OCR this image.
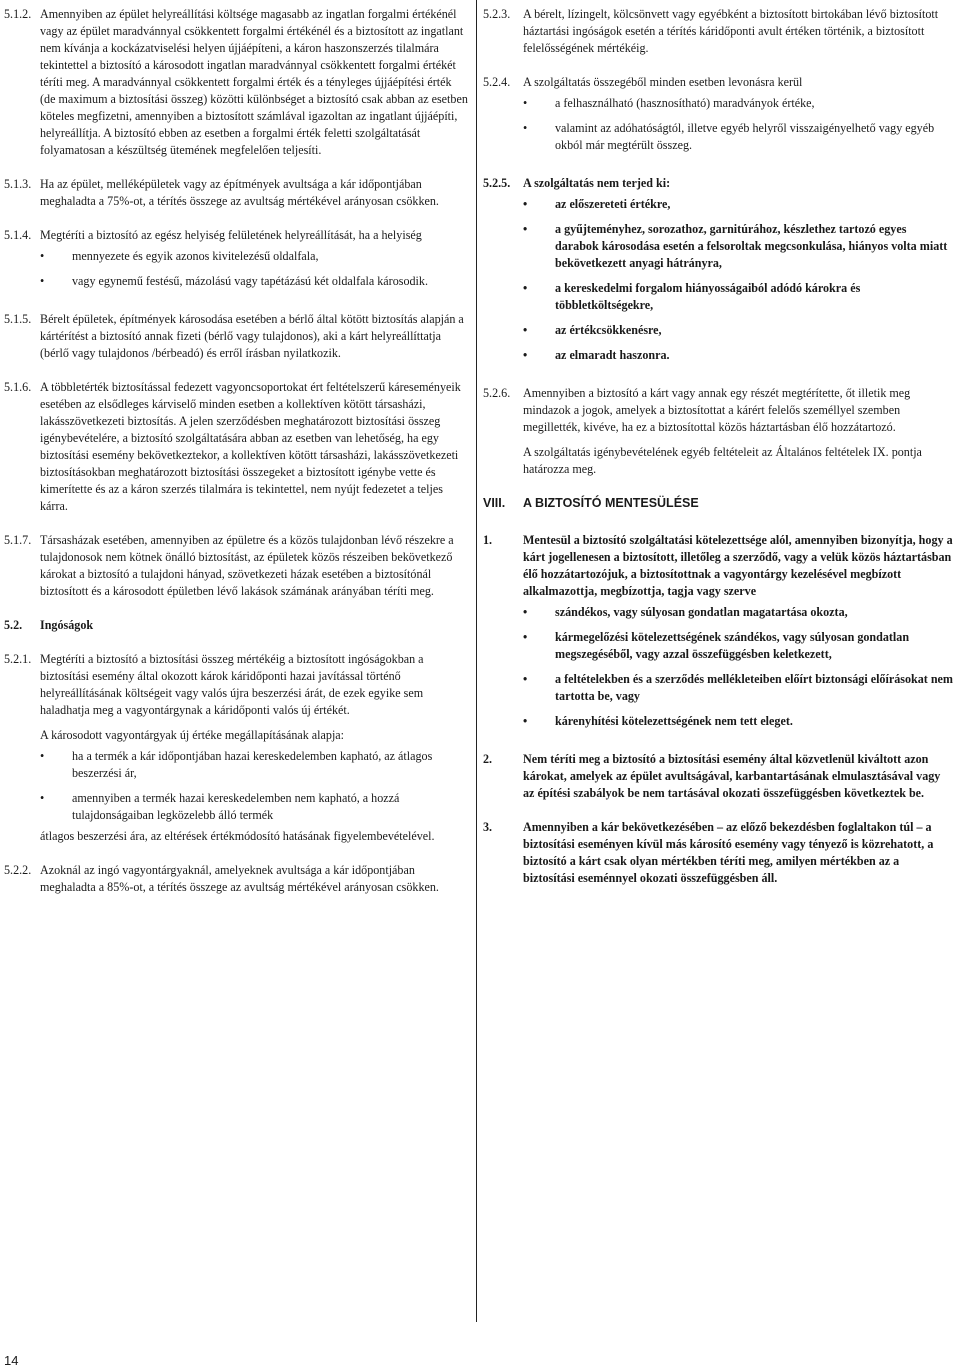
5.1.2. Amennyiben az épület helyreállítási költsége magasabb az ingatlan forgalmi értékénél vagy az épület maradvánnyal csökkentett forgalmi értékénél és a biztosított az ingatlant nem kívánja a kockázatviselési helyen újjáépíteni, a káron haszonszerzés tilalmára tekintettel a biztosító a károsodott ingatlan maradvánnyal csökkentett forgalmi értékét téríti meg. A maradvánnyal csökkentett forgalmi érték és a tényleges újjáépítési érték (de maximum a biztosítási összeg) közötti különbséget a biztosító csak abban az esetben köteles megfizetni, amennyiben a biztosított számlával igazoltan az ingatlant újjáépíti, helyreállítja. A biztosító ebben az esetben a forgalmi érték feletti szolgáltatását folyamatosan a készültség ütemének megfelelően teljesíti.

5.1.3. Ha az épület, melléképületek vagy az építmények avultsága a kár időpontjában meghaladta a 75%-ot, a térítés összege az avultság mértékével arányosan csökken.

5.1.4. Megtéríti a biztosító az egész helyiség felületének helyreállítását, ha a helyiség

• mennyezete és egyik azonos kivitelezésű oldalfala,
• vagy egynemű festésű, mázolású vagy tapétázású két oldalfala károsodik.
5.1.5. Bérelt épületek, építmények károsodása esetében a bérlő által kötött biztosítás alapján a kártérítést a biztosító annak fizeti (bérlő vagy tulajdonos), aki a kárt helyreállíttatja (bérlő vagy tulajdonos /bérbeadó) és erről írásban nyilatkozik.

5.1.6. A többletérték biztosítással fedezett vagyoncsoportokat ért feltételszerű káreseményeik esetében az elsődleges kárviselő minden esetben a kollektíven kötött társasházi, lakásszövetkezeti biztosítás. A jelen szerződésben meghatározott biztosítási összeg igénybevételére, a biztosító szolgáltatására abban az esetben van lehetőség, ha egy biztosítási esemény bekövetkeztekor, a kollektíven kötött társasházi, lakásszövetkezeti biztosításokban meghatározott biztosítási összegeket a biztosított igénybe vette és kimerítette és az a káron szerzés tilalmára is tekintettel, nem nyújt fedezetet a teljes kárra.

5.1.7. Társasházak esetében, amennyiben az épületre és a közös tulajdonban lévő részekre a tulajdonosok nem kötnek önálló biztosítást, az épületek közös részeiben bekövetkező károkat a biztosító a tulajdoni hányad, szövetkezeti házak esetében a biztosítónál biztosított és a károsodott épületben lévő lakások számának arányában téríti meg.

5.2.	Ingóságok

5.2.1. Megtéríti a biztosító a biztosítási összeg mértékéig a biztosított ingóságokban a biztosítási esemény által okozott károk káridőponti hazai javítással történő helyreállításának költségeit vagy valós újra beszerzési árát, de ezek egyike sem haladhatja meg a vagyontárgynak a káridőponti valós új értékét.

A károsodott vagyontárgyak új értéke megállapításának alapja:

• ha a termék a kár időpontjában hazai kereskedelemben kapható, az átlagos beszerzési ár,
• amennyiben a termék hazai kereskedelemben nem kapható, a hozzá tulajdonságaiban legközelebb álló termék

átlagos beszerzési ára, az eltérések értékmódosító hatásának figyelembevételével.

5.2.2. Azoknál az ingó vagyontárgyaknál, amelyeknek avultsága a kár időpontjában meghaladta a 85%-ot, a térítés összege az avultság mértékével arányosan csökken.

5.2.3.	A bérelt, lízingelt, kölcsönvett vagy egyébként a biztosított birtokában lévő biztosított háztartási ingóságok esetén a térítés káridőponti avult értéken történik, a biztosított felelősségének mértékéig.

5.2.4.	A szolgáltatás összegéből minden esetben levonásra kerül

• a felhasználható (hasznosítható) maradványok értéke,
• valamint az adóhatóságtól, illetve egyéb helyről visszaigényelhető vagy egyéb okból már megtérült összeg.
5.2.5.	A szolgáltatás nem terjed ki:

• az előszereteti értékre,
• a gyűjteményhez, sorozathoz, garnitúrához, készlethez tartozó egyes darabok károsodása esetén a felsoroltak megcsonkulása, hiányos volta miatt bekövetkezett anyagi hátrányra,
• a kereskedelmi forgalom hiányosságaiból adódó károkra és többletköltségekre,
• az értékcsökkenésre,
• az elmaradt haszonra.
5.2.6.	Amennyiben a biztosító a kárt vagy annak egy részét megtérítette, őt illetik meg mindazok a jogok, amelyek a biztosítottat a kárért felelős személlyel szemben megillették, kivéve, ha ez a biztosítottal közös háztartásban élő hozzátartozó.

A szolgáltatás igénybevételének egyéb feltételeit az Általános feltételek IX. pontja határozza meg.

VIII.	A BIZTOSÍTÓ MENTESÜLÉSE
1.	Mentesül a biztosító szolgáltatási kötelezettsége alól, amennyiben bizonyítja, hogy a kárt jogellenesen a biztosított, illetőleg a szerződő, vagy a velük közös háztartásban élő hozzátartozójuk, a biztosítottnak a vagyontárgy kezelésével megbízott alkalmazottja, megbízottja, tagja vagy szerve

• szándékos, vagy súlyosan gondatlan magatartása okozta,
• kármegelőzési kötelezettségének szándékos, vagy súlyosan gondatlan megszegéséből, vagy azzal összefüggésben keletkezett,
• a feltételekben és a szerződés mellékleteiben előírt biztonsági előírásokat nem tartotta be, vagy
• kárenyhítési kötelezettségének nem tett eleget.
2.	Nem téríti meg a biztosító a biztosítási esemény által közvetlenül kiváltott azon károkat, amelyek az épület avultságával, karbantartásának elmulasztásával vagy az építési szabályok be nem tartásával okozati összefüggésben következtek be.

3.	Amennyiben a kár bekövetkezésében – az előző bekezdésben foglaltakon túl – a biztosítási eseményen kívül más károsító esemény vagy tényező is közrehatott, a biztosító a kárt csak olyan mértékben téríti meg, amilyen mértékben az a biztosítási eseménnyel okozati összefüggésben áll.

14
